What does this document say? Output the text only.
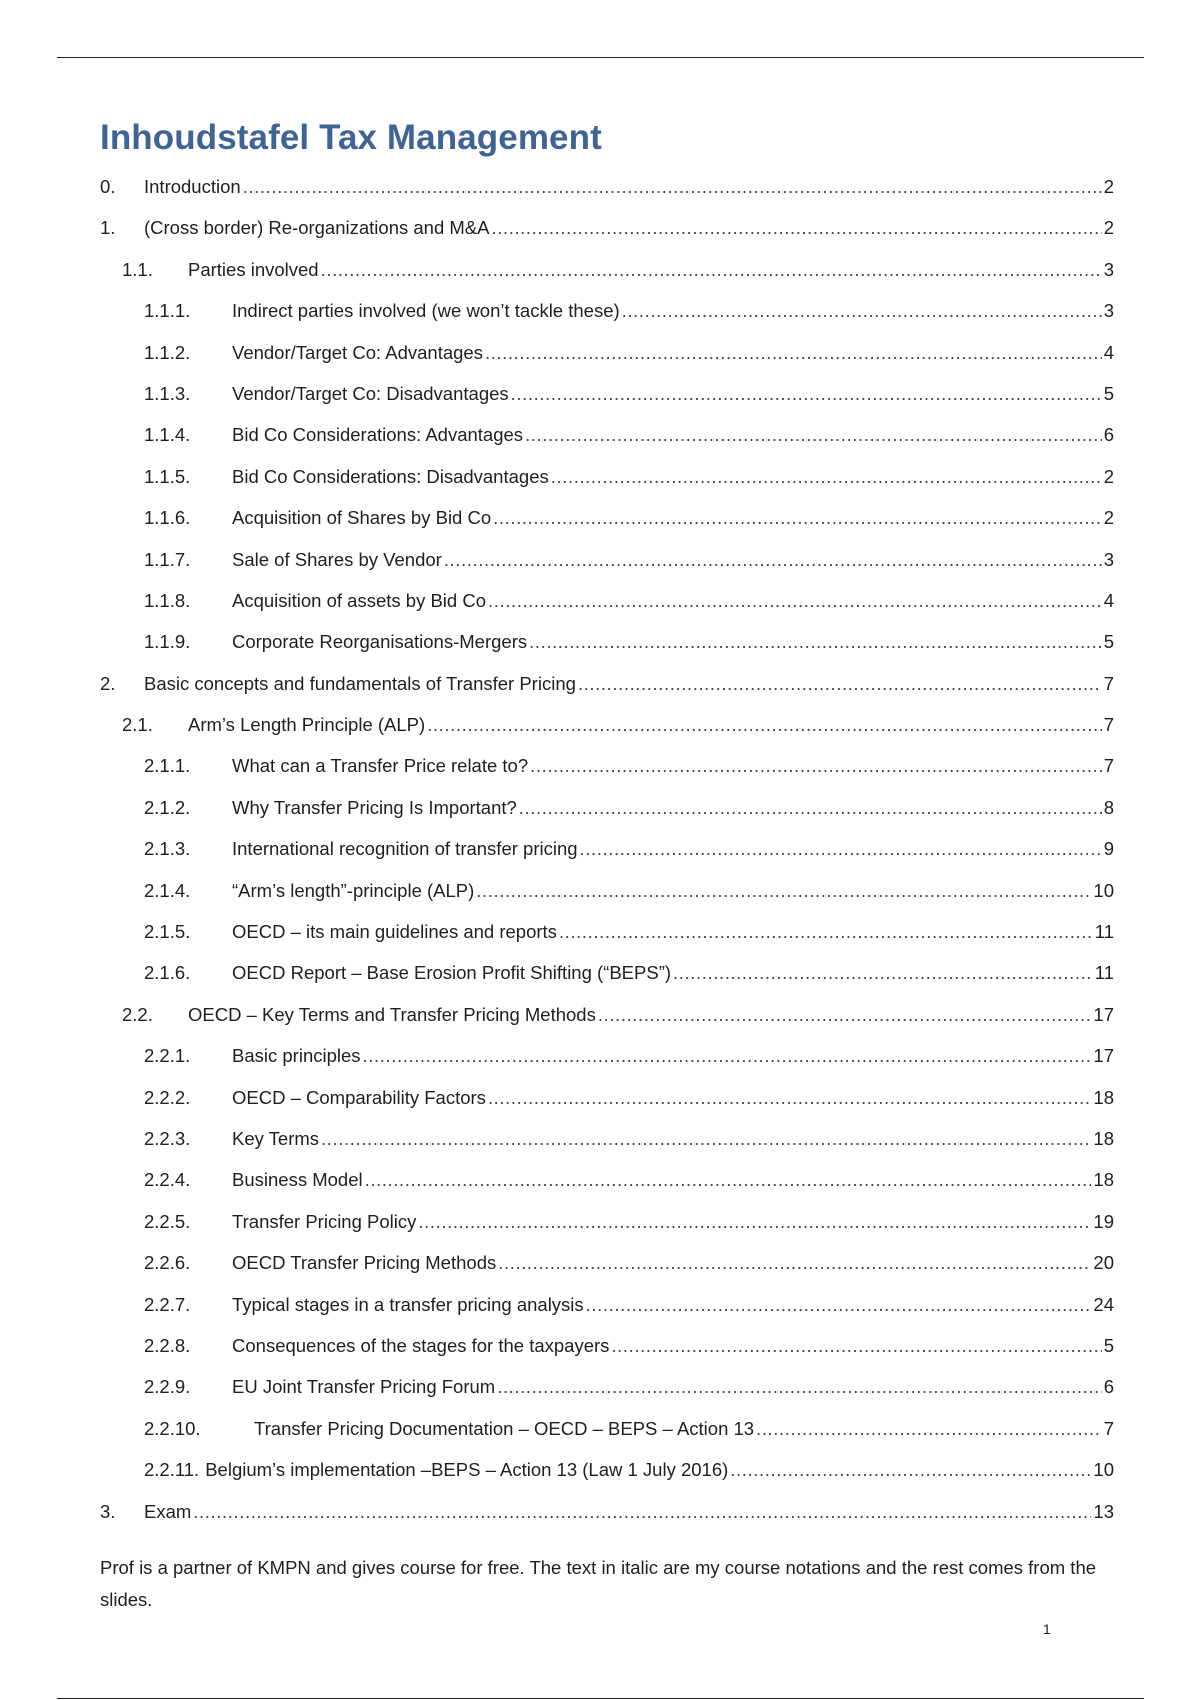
Inhoudstafel Tax Management
0.	Introduction .....	2
1.	(Cross border) Re-organizations and M&A .....	2
1.1.	Parties involved .....	3
1.1.1.	Indirect parties involved (we won’t tackle these) .....	3
1.1.2.	Vendor/Target Co: Advantages .....	4
1.1.3.	Vendor/Target Co: Disadvantages .....	5
1.1.4.	Bid Co Considerations: Advantages .....	6
1.1.5.	Bid Co Considerations: Disadvantages .....	2
1.1.6.	Acquisition of Shares by Bid Co .....	2
1.1.7.	Sale of Shares by Vendor .....	3
1.1.8.	Acquisition of assets by Bid Co .....	4
1.1.9.	Corporate Reorganisations-Mergers .....	5
2.	Basic concepts and fundamentals of Transfer Pricing .....	7
2.1.	Arm’s Length Principle (ALP) .....	7
2.1.1.	What can a Transfer Price relate to? .....	7
2.1.2.	Why Transfer Pricing Is Important? .....	8
2.1.3.	International recognition of transfer pricing .....	9
2.1.4.	“Arm’s length”-principle (ALP) .....	10
2.1.5.	OECD – its main guidelines and reports .....	11
2.1.6.	OECD Report – Base Erosion Profit Shifting (“BEPS”) .....	11
2.2.	OECD – Key Terms and Transfer Pricing Methods .....	17
2.2.1.	Basic principles .....	17
2.2.2.	OECD – Comparability Factors .....	18
2.2.3.	Key Terms .....	18
2.2.4.	Business Model .....	18
2.2.5.	Transfer Pricing Policy .....	19
2.2.6.	OECD Transfer Pricing Methods .....	20
2.2.7.	Typical stages in a transfer pricing analysis .....	24
2.2.8.	Consequences of the stages for the taxpayers .....	5
2.2.9.	EU Joint Transfer Pricing Forum .....	6
2.2.10.	Transfer Pricing Documentation – OECD – BEPS – Action 13 .....	7
2.2.11. Belgium’s implementation –BEPS – Action 13 (Law 1 July 2016) .....	10
3.	Exam .....	13

Prof is a partner of KMPN and gives course for free. The text in italic are my course notations and the rest comes from the slides.

1
